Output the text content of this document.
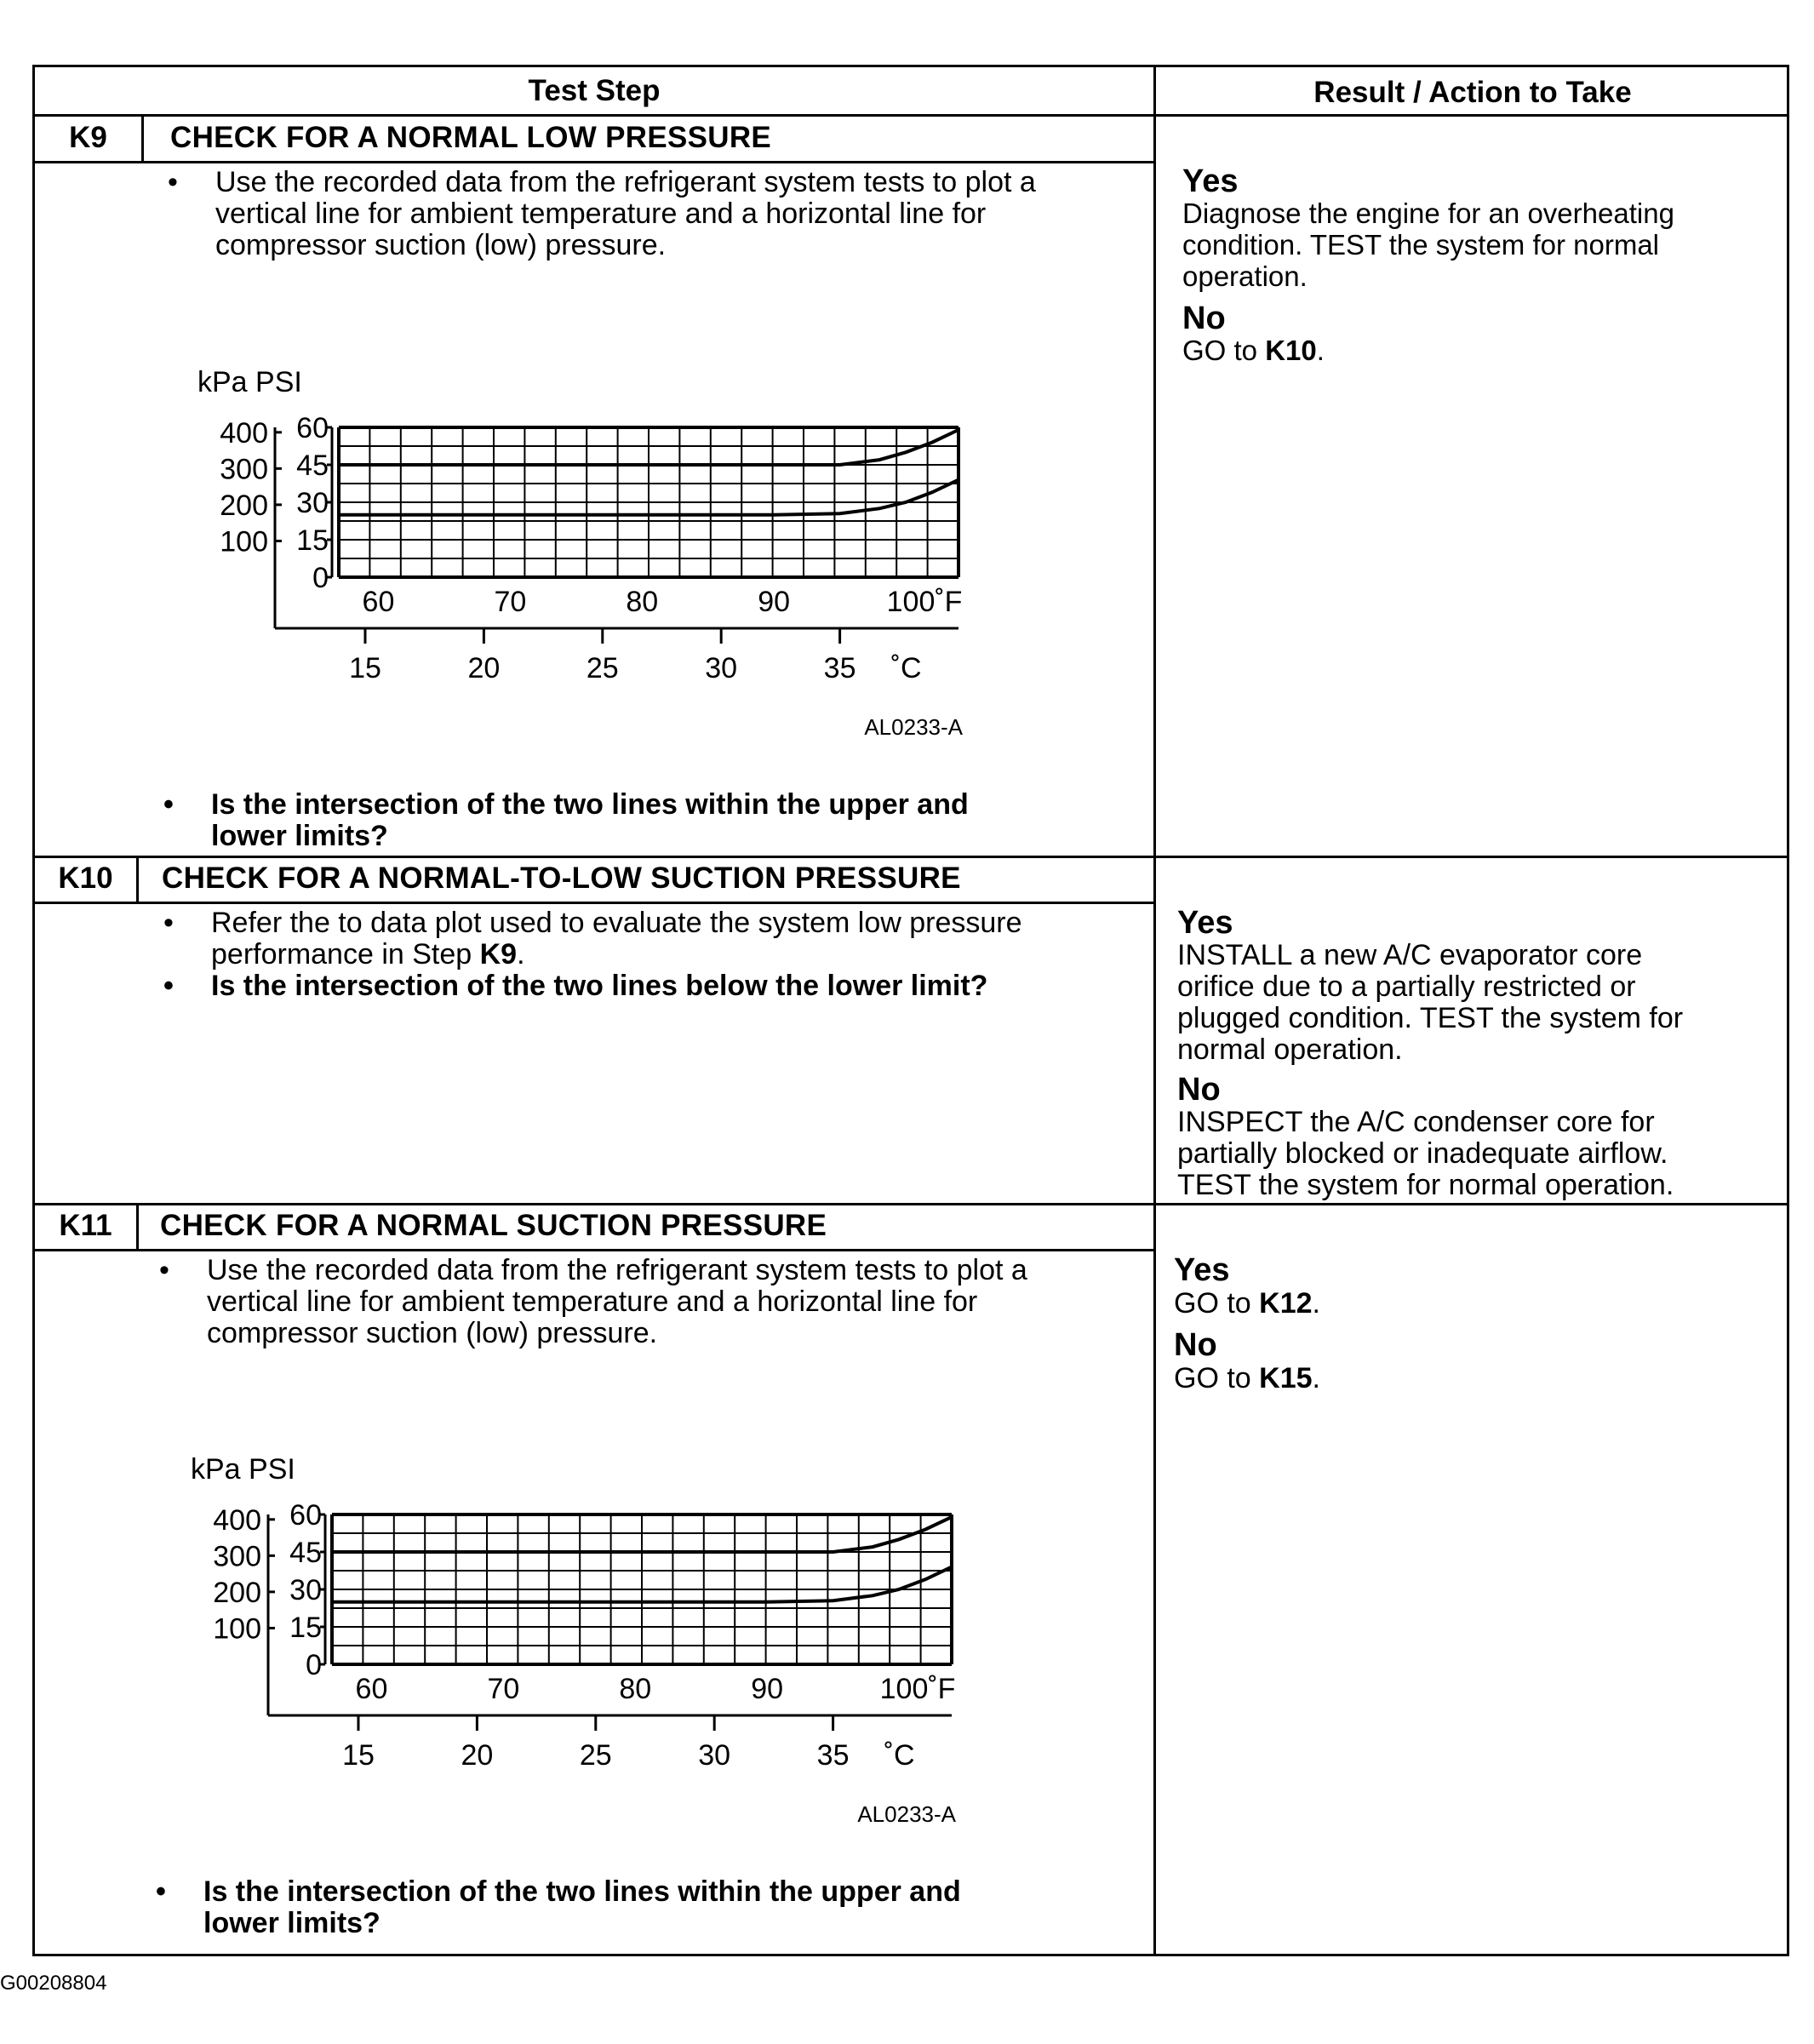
Test Step	Result / Action to Take
K9	CHECK FOR A NORMAL LOW PRESSURE
• Use the recorded data from the refrigerant system tests to plot a
vertical line for ambient temperature and a horizontal line for
compressor suction (low) pressure.
kPa PSI
60
45
30
15
0
400
300
200
100
60	70	80	90	100˚F
15	20	25	30	35 ˚C
AL0233-A
• Is the intersection of the two lines within the upper and
lower limits?
Yes
Diagnose the engine for an overheating
condition. TEST the system for normal
operation.
No
GO to K10.
K10	CHECK FOR A NORMAL-TO-LOW SUCTION PRESSURE
• Refer the to data plot used to evaluate the system low pressure
performance in Step K9.
• Is the intersection of the two lines below the lower limit?
Yes
INSTALL a new A/C evaporator core
orifice due to a partially restricted or
plugged condition. TEST the system for
normal operation.
No
INSPECT the A/C condenser core for
partially blocked or inadequate airflow.
TEST the system for normal operation.
K11	CHECK FOR A NORMAL SUCTION PRESSURE
• Use the recorded data from the refrigerant system tests to plot a
vertical line for ambient temperature and a horizontal line for
compressor suction (low) pressure.
kPa PSI
60
45
30
15
0
400
300
200
100
60	70	80	90	100˚F
15	20	25	30	35 ˚C
AL0233-A
• Is the intersection of the two lines within the upper and
lower limits?
Yes
GO to K12.
No
GO to K15.
G00208804
